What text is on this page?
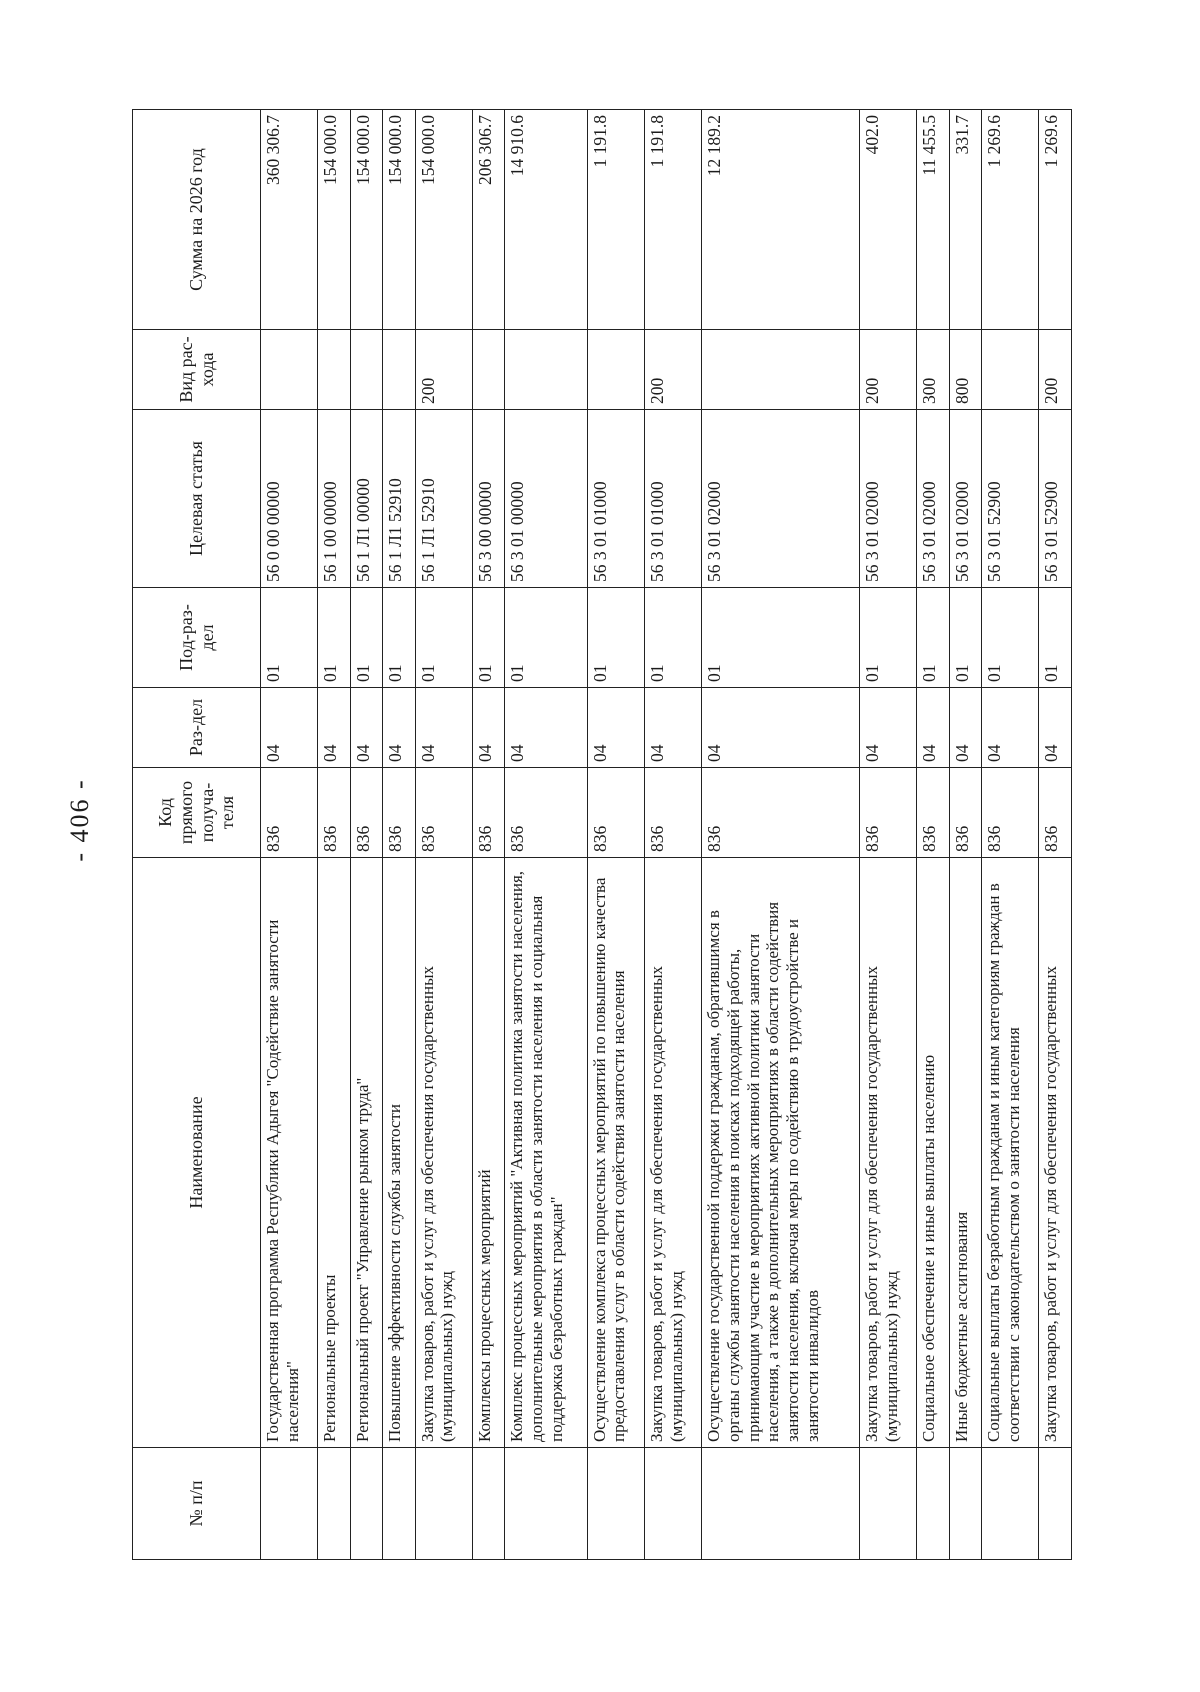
- 406 -
№ п/п	Наименование	Код прямого получа-теля	Раз-дел	Под-раз-дел	Целевая статья	Вид рас-хода	Сумма на 2026 год
	Государственная программа Республики Адыгея "Содействие занятости населения"	836	04	01	56 0 00 00000		360 306.7
	Региональные проекты	836	04	01	56 1 00 00000		154 000.0
	Региональный проект "Управление рынком труда"	836	04	01	56 1 Л1 00000		154 000.0
	Повышение эффективности службы занятости	836	04	01	56 1 Л1 52910		154 000.0
	Закупка товаров, работ и услуг для обеспечения государственных (муниципальных) нужд	836	04	01	56 1 Л1 52910	200	154 000.0
	Комплексы процессных мероприятий	836	04	01	56 3 00 00000		206 306.7
	Комплекс процессных мероприятий "Активная политика занятости населения, дополнительные мероприятия в области занятости населения и социальная поддержка безработных граждан"	836	04	01	56 3 01 00000		14 910.6
	Осуществление комплекса процессных мероприятий по повышению качества предоставления услуг в области содействия занятости населения	836	04	01	56 3 01 01000		1 191.8
	Закупка товаров, работ и услуг для обеспечения государственных (муниципальных) нужд	836	04	01	56 3 01 01000	200	1 191.8
	Осуществление государственной поддержки гражданам, обратившимся в органы службы занятости населения в поисках подходящей работы, принимающим участие в мероприятиях активной политики занятости населения, а также в дополнительных мероприятиях в области содействия занятости населения, включая меры по содействию в трудоустройстве и занятости инвалидов	836	04	01	56 3 01 02000		12 189.2
	Закупка товаров, работ и услуг для обеспечения государственных (муниципальных) нужд	836	04	01	56 3 01 02000	200	402.0
	Социальное обеспечение и иные выплаты населению	836	04	01	56 3 01 02000	300	11 455.5
	Иные бюджетные ассигнования	836	04	01	56 3 01 02000	800	331.7
	Социальные выплаты безработным гражданам и иным категориям граждан в соответствии с законодательством о занятости населения	836	04	01	56 3 01 52900		1 269.6
	Закупка товаров, работ и услуг для обеспечения государственных	836	04	01	56 3 01 52900	200	1 269.6
